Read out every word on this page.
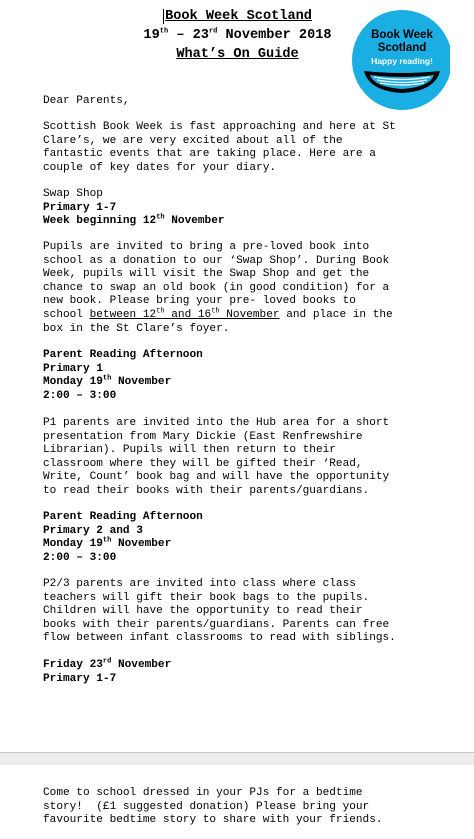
Book Week Scotland
19th – 23rd November 2018
What’s On Guide
Book Week
Scotland
Happy reading!
Dear Parents,
Scottish Book Week is fast approaching and here at St
Clare’s, we are very excited about all of the
fantastic events that are taking place. Here are a
couple of key dates for your diary.
Swap Shop
Primary 1-7
Week beginning 12th November
Pupils are invited to bring a pre-loved book into
school as a donation to our ‘Swap Shop’. During Book
Week, pupils will visit the Swap Shop and get the
chance to swap an old book (in good condition) for a
new book. Please bring your pre- loved books to
school between 12th and 16th November and place in the
box in the St Clare’s foyer.
Parent Reading Afternoon
Primary 1
Monday 19th November
2:00 – 3:00
P1 parents are invited into the Hub area for a short
presentation from Mary Dickie (East Renfrewshire
Librarian). Pupils will then return to their
classroom where they will be gifted their ‘Read,
Write, Count’ book bag and will have the opportunity
to read their books with their parents/guardians.
Parent Reading Afternoon
Primary 2 and 3
Monday 19th November
2:00 – 3:00
P2/3 parents are invited into class where class
teachers will gift their book bags to the pupils.
Children will have the opportunity to read their
books with their parents/guardians. Parents can free
flow between infant classrooms to read with siblings.
Friday 23rd November
Primary 1-7
Come to school dressed in your PJs for a bedtime
story!  (£1 suggested donation) Please bring your
favourite bedtime story to share with your friends.
